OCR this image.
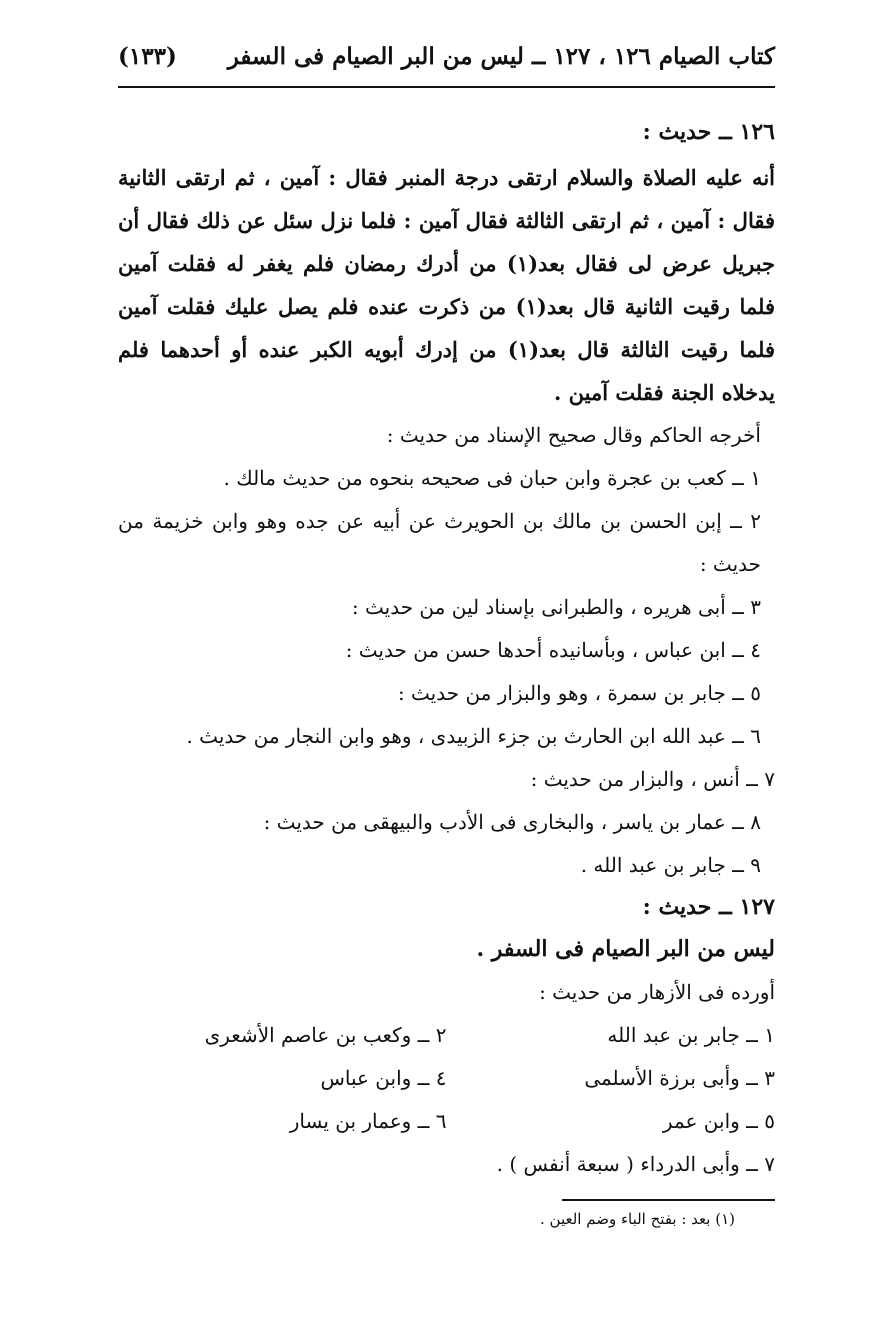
كتاب الصيام ١٢٦ ، ١٢٧ ــ ليس من البر الصيام فى السفر
(١٣٣)
١٢٦ ــ حديث :
أنه عليه الصلاة والسلام ارتقى درجة المنبر فقال : آمين ، ثم ارتقى الثانية فقال : آمين ، ثم ارتقى الثالثة فقال آمين : فلما نزل سئل عن ذلك فقال أن جبريل عرض لى فقال بعد(١) من أدرك رمضان فلم يغفر له فقلت آمين فلما رقيت الثانية قال بعد(١) من ذكرت عنده فلم يصل عليك فقلت آمين فلما رقيت الثالثة قال بعد(١) من إدرك أبويه الكبر عنده أو أحدهما فلم يدخلاه الجنة فقلت آمين .
أخرجه الحاكم وقال صحيح الإسناد من حديث :
١ ــ كعب بن عجرة وابن حبان فى صحيحه بنحوه من حديث مالك .
٢ ــ إبن الحسن بن مالك بن الحويرث عن أبيه عن جده وهو وابن خزيمة من حديث :
٣ ــ أبى هريره ، والطبرانى بإسناد لين من حديث :
٤ ــ ابن عباس ، وبأسانيده أحدها حسن من حديث :
٥ ــ جابر بن سمرة ، وهو والبزار من حديث :
٦ ــ عبد الله ابن الحارث بن جزء الزبيدى ، وهو وابن النجار من حديث .
٧ ــ أنس ، والبزار من حديث :
٨ ــ عمار بن ياسر ، والبخارى فى الأدب والبيهقى من حديث :
٩ ــ جابر بن عبد الله .
١٢٧ ــ حديث :
ليس من البر الصيام فى السفر .
أورده فى الأزهار من حديث :
١ ــ جابر بن عبد الله
٢ ــ وكعب بن عاصم الأشعرى
٣ ــ وأبى برزة الأسلمى
٤ ــ وابن عباس
٥ ــ وابن عمر
٦ ــ وعمار بن يسار
٧ ــ وأبى الدرداء ( سبعة أنفس ) .
(١) بعد : بفتح الباء وضم العين .
